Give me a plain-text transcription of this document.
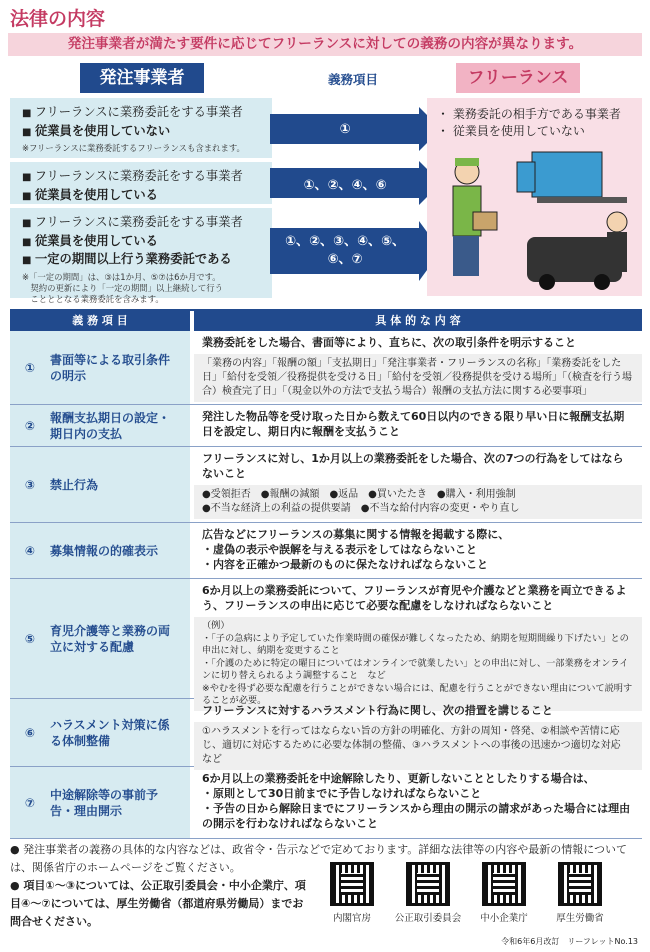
法律の内容
発注事業者が満たす要件に応じてフリーランスに対しての義務の内容が異なります。
発注事業者	義務項目	フリーランス
■ フリーランスに業務委託をする事業者
■ 従業員を使用していない
※フリーランスに業務委託するフリーランスも含まれます。
①
■ フリーランスに業務委託をする事業者
■ 従業員を使用している
①、②、④、⑥
■ フリーランスに業務委託をする事業者
■ 従業員を使用している
■ 一定の期間以上行う業務委託である
※「一定の期間」は、③は1か月、⑤⑦は6か月です。
　契約の更新により「一定の期間」以上継続して行う
　ことととなる業務委託を含みます。
①、②、③、④、⑤、⑥、⑦
・ 業務委託の相手方である事業者
・ 従業員を使用していない
義 務 項 目	具 体 的 な 内 容
①
書面等による取引条件の明示
業務委託をした場合、書面等により、直ちに、次の取引条件を明示すること
「業務の内容」「報酬の額」「支払期日」「発注事業者・フリーランスの名称」「業務委託をした日」「給付を受領／役務提供を受ける日」「給付を受領／役務提供を受ける場所」「（検査を行う場合）検査完了日」「（現金以外の方法で支払う場合）報酬の支払方法に関する必要事項」
②
報酬支払期日の設定・期日内の支払
発注した物品等を受け取った日から数えて60日以内のできる限り早い日に報酬支払期日を設定し、期日内に報酬を支払うこと
③	禁止行為
フリーランスに対し、1か月以上の業務委託をした場合、次の7つの行為をしてはならないこと
●受領拒否　●報酬の減額　●返品　●買いたたき　●購入・利用強制
●不当な経済上の利益の提供要請　●不当な給付内容の変更・やり直し
④	募集情報の的確表示
広告などにフリーランスの募集に関する情報を掲載する際に、
・虚偽の表示や誤解を与える表示をしてはならないこと
・内容を正確かつ最新のものに保たなければならないこと
⑤
育児介護等と業務の両立に対する配慮
6か月以上の業務委託について、フリーランスが育児や介護などと業務を両立できるよう、フリーランスの申出に応じて必要な配慮をしなければならないこと
（例）
・「子の急病により予定していた作業時間の確保が難しくなったため、納期を短期間繰り下げたい」との申出に対し、納期を変更すること
・「介護のために特定の曜日についてはオンラインで就業したい」との申出に対し、一部業務をオンラインに切り替えられるよう調整すること　など
※やむを得ず必要な配慮を行うことができない場合には、配慮を行うことができない理由について説明することが必要。
⑥
ハラスメント対策に係る体制整備
フリーランスに対するハラスメント行為に関し、次の措置を講じること
①ハラスメントを行ってはならない旨の方針の明確化、方針の周知・啓発、②相談や苦情に応じ、適切に対応するために必要な体制の整備、③ハラスメントへの事後の迅速かつ適切な対応　など
⑦
中途解除等の事前予告・理由開示
6か月以上の業務委託を中途解除したり、更新しないこととしたりする場合は、
・原則として30日前までに予告しなければならないこと
・予告の日から解除日までにフリーランスから理由の開示の請求があった場合には理由の開示を行わなければならないこと
● 発注事業者の義務の具体的な内容などは、政省令・告示などで定めております。詳細な法律等の内容や最新の情報については、関係省庁のホームページをご覧ください。
● 項目①〜③については、公正取引委員会・中小企業庁、項目④〜⑦については、厚生労働省（都道府県労働局）までお問合せください。	内閣官房	公正取引委員会	中小企業庁	厚生労働省
令和6年6月改訂　リーフレットNo.13
